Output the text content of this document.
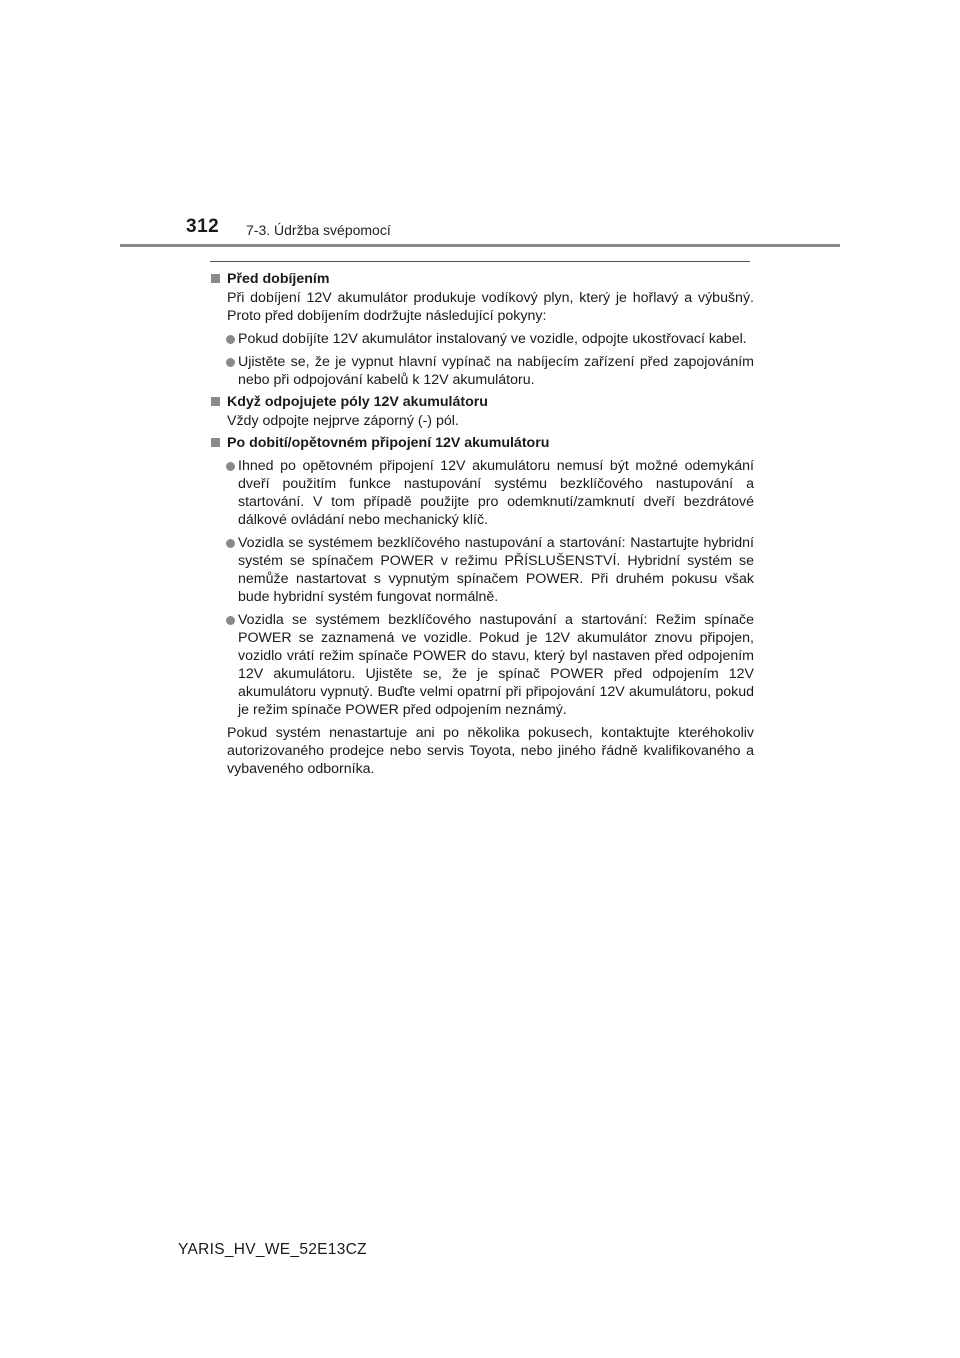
312 7-3. Údržba svépomocí
Před dobíjením
Při dobíjení 12V akumulátor produkuje vodíkový plyn, který je hořlavý a výbušný. Proto před dobíjením dodržujte následující pokyny:
Pokud dobíjíte 12V akumulátor instalovaný ve vozidle, odpojte ukostřovací kabel.
Ujistěte se, že je vypnut hlavní vypínač na nabíjecím zařízení před zapojováním nebo při odpojování kabelů k 12V akumulátoru.
Když odpojujete póly 12V akumulátoru
Vždy odpojte nejprve záporný (-) pól.
Po dobití/opětovném připojení 12V akumulátoru
Ihned po opětovném připojení 12V akumulátoru nemusí být možné odemykání dveří použitím funkce nastupování systému bezklíčového nastupování a startování. V tom případě použijte pro odemknutí/zamknutí dveří bezdrátové dálkové ovládání nebo mechanický klíč.
Vozidla se systémem bezklíčového nastupování a startování: Nastartujte hybridní systém se spínačem POWER v režimu PŘÍSLUŠENSTVÍ. Hybridní systém se nemůže nastartovat s vypnutým spínačem POWER. Při druhém pokusu však bude hybridní systém fungovat normálně.
Vozidla se systémem bezklíčového nastupování a startování: Režim spínače POWER se zaznamená ve vozidle. Pokud je 12V akumulátor znovu připojen, vozidlo vrátí režim spínače POWER do stavu, který byl nastaven před odpojením 12V akumulátoru. Ujistěte se, že je spínač POWER před odpojením 12V akumulátoru vypnutý. Buďte velmi opatrní při připojování 12V akumulátoru, pokud je režim spínače POWER před odpojením neznámý.
Pokud systém nenastartuje ani po několika pokusech, kontaktujte kteréhokoliv autorizovaného prodejce nebo servis Toyota, nebo jiného řádně kvalifikovaného a vybaveného odborníka.
YARIS_HV_WE_52E13CZ
